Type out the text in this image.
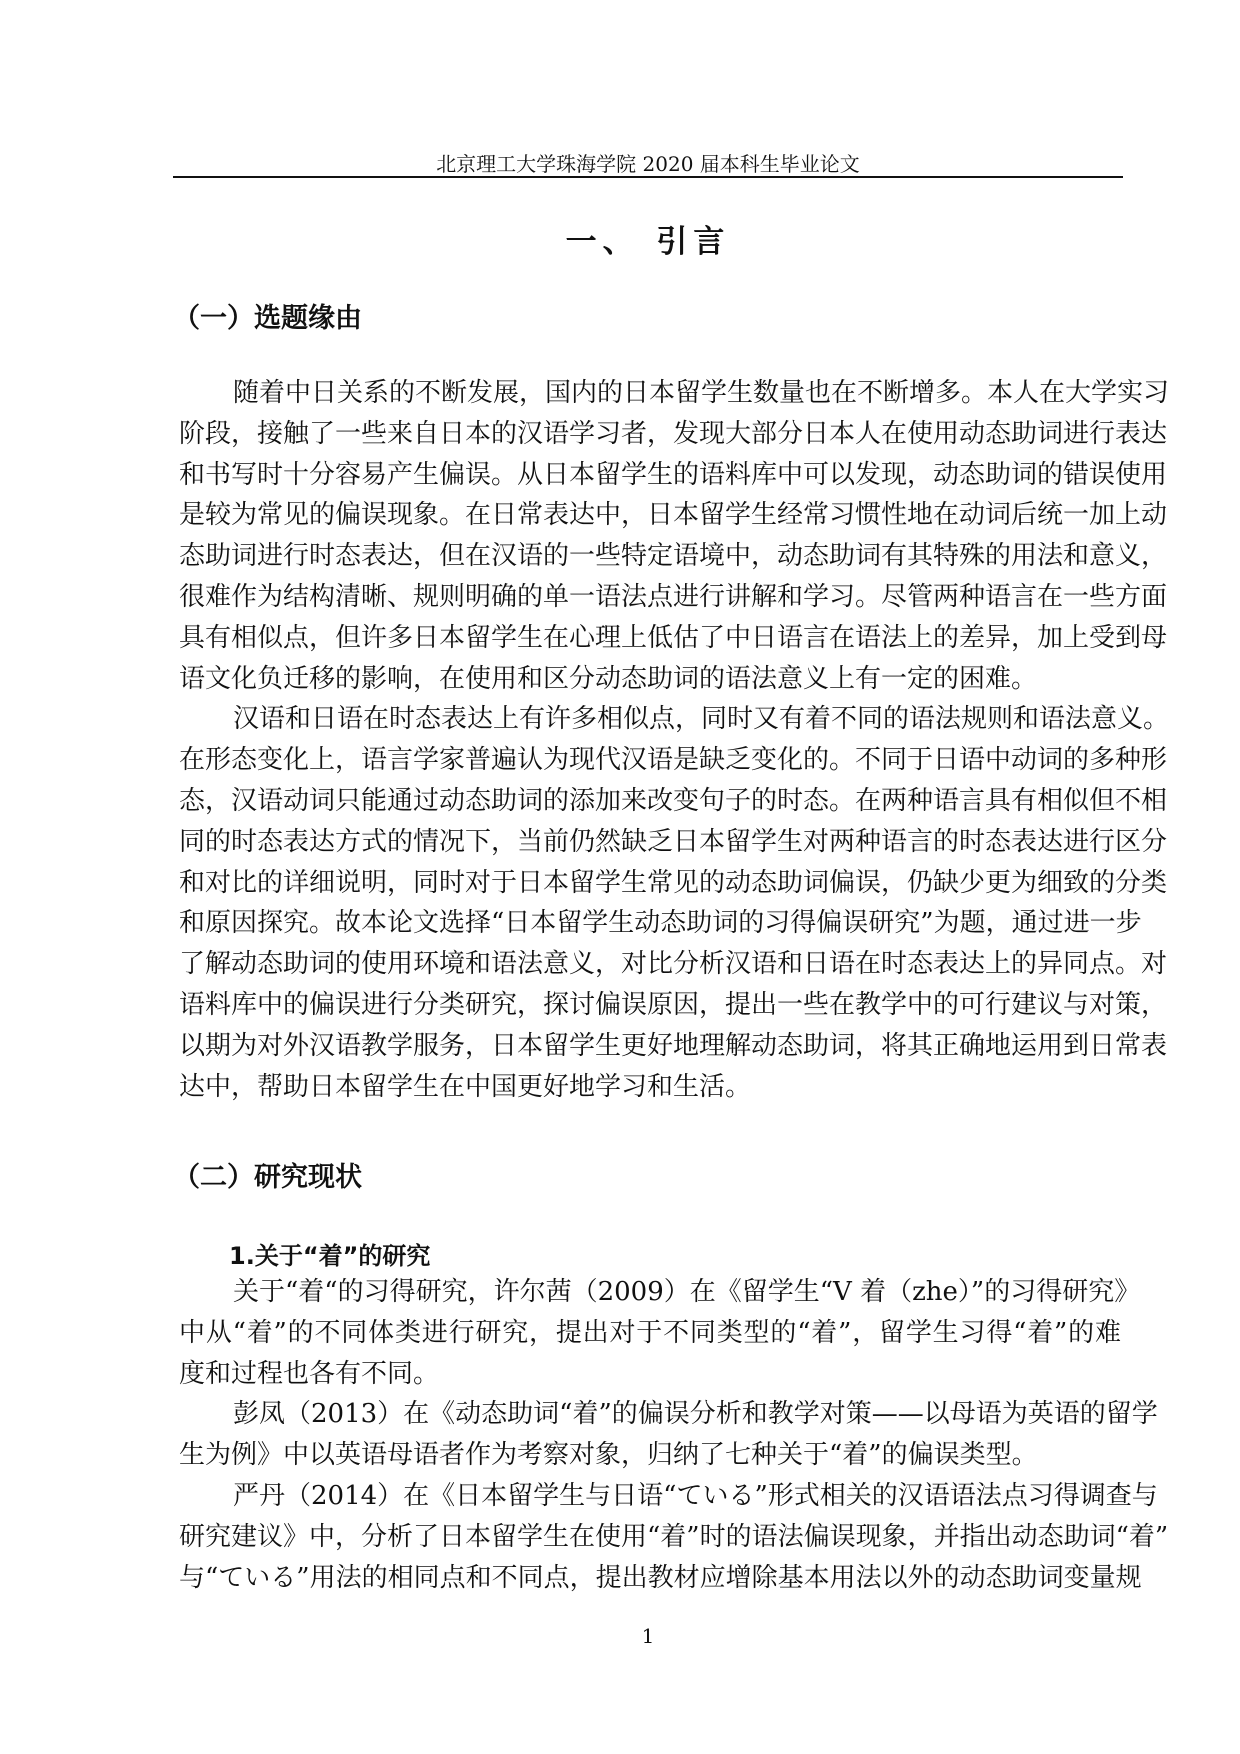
北京理工大学珠海学院 2020 届本科生毕业论文
一、 引言
（一）选题缘由
随着中日关系的不断发展，国内的日本留学生数量也在不断增多。本人在大学实习
阶段，接触了一些来自日本的汉语学习者，发现大部分日本人在使用动态助词进行表达
和书写时十分容易产生偏误。从日本留学生的语料库中可以发现，动态助词的错误使用
是较为常见的偏误现象。在日常表达中，日本留学生经常习惯性地在动词后统一加上动
态助词进行时态表达，但在汉语的一些特定语境中，动态助词有其特殊的用法和意义，
很难作为结构清晰、规则明确的单一语法点进行讲解和学习。尽管两种语言在一些方面
具有相似点，但许多日本留学生在心理上低估了中日语言在语法上的差异，加上受到母
语文化负迁移的影响，在使用和区分动态助词的语法意义上有一定的困难。
汉语和日语在时态表达上有许多相似点，同时又有着不同的语法规则和语法意义。
在形态变化上，语言学家普遍认为现代汉语是缺乏变化的。不同于日语中动词的多种形
态，汉语动词只能通过动态助词的添加来改变句子的时态。在两种语言具有相似但不相
同的时态表达方式的情况下，当前仍然缺乏日本留学生对两种语言的时态表达进行区分
和对比的详细说明，同时对于日本留学生常见的动态助词偏误，仍缺少更为细致的分类
和原因探究。故本论文选择“日本留学生动态助词的习得偏误研究”为题，通过进一步
了解动态助词的使用环境和语法意义，对比分析汉语和日语在时态表达上的异同点。对
语料库中的偏误进行分类研究，探讨偏误原因，提出一些在教学中的可行建议与对策，
以期为对外汉语教学服务，日本留学生更好地理解动态助词，将其正确地运用到日常表
达中，帮助日本留学生在中国更好地学习和生活。
（二）研究现状
1.关于“着”的研究
关于“着“的习得研究，许尔茜（2009）在《留学生“V 着（zhe）”的习得研究》
中从“着”的不同体类进行研究，提出对于不同类型的“着”，留学生习得“着”的难
度和过程也各有不同。
彭凤（2013）在《动态助词“着”的偏误分析和教学对策——以母语为英语的留学
生为例》中以英语母语者作为考察对象，归纳了七种关于“着”的偏误类型。
严丹（2014）在《日本留学生与日语“ている”形式相关的汉语语法点习得调查与
研究建议》中，分析了日本留学生在使用“着”时的语法偏误现象，并指出动态助词“着”
与“ている”用法的相同点和不同点，提出教材应增除基本用法以外的动态助词变量规
1
